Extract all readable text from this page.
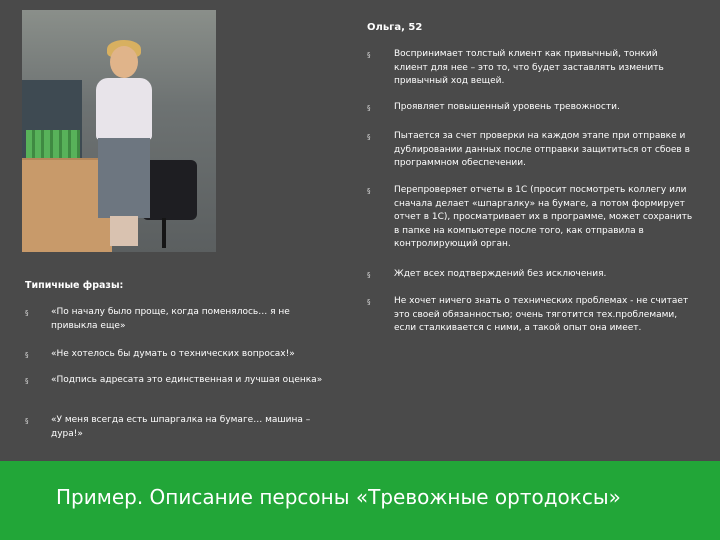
Ольга, 52
§	Воспринимает толстый клиент как привычный, тонкий клиент для нее – это то, что будет заставлять изменить привычный ход вещей.
§	Проявляет повышенный уровень тревожности.
§	Пытается за счет проверки на каждом этапе при отправке и дублировании данных после отправки защититься от сбоев в программном обеспечении.
§	Перепроверяет отчеты в 1С (просит посмотреть коллегу или сначала делает «шпаргалку» на бумаге, а потом формирует отчет в 1С), просматривает их в программе, может сохранить в папке на компьютере после того, как отправила в контролирующий орган.
§	Ждет всех подтверждений без исключения.
§	Не хочет ничего знать о технических проблемах - не считает это своей обязанностью; очень тяготится тех.проблемами, если сталкивается с ними, а такой опыт она имеет.
Типичные фразы:
§	«По началу было проще, когда поменялось… я не привыкла еще»
§	«Не хотелось бы думать о технических вопросах!»
§	«Подпись адресата это единственная и лучшая оценка»
§	«У меня всегда есть шпаргалка на бумаге… машина – дура!»
Пример. Описание персоны «Тревожные ортодоксы»
